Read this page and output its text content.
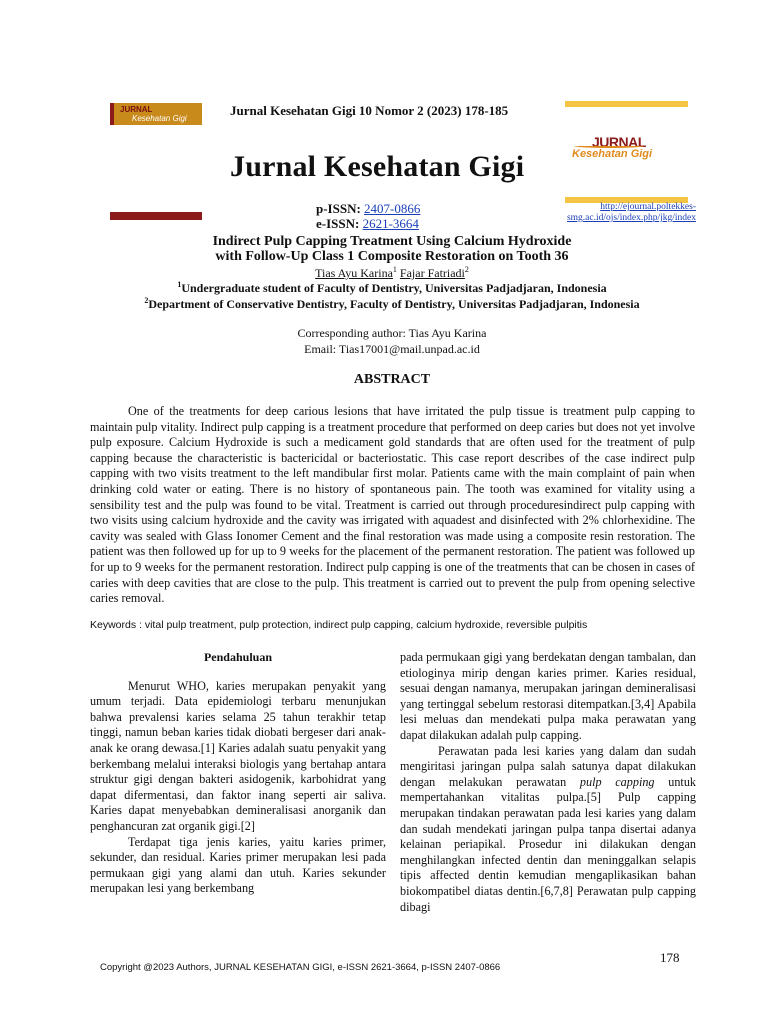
JURNAL
Kesehatan Gigi
JURNAL
Kesehatan Gigi
Jurnal Kesehatan Gigi 10 Nomor 2 (2023) 178-185
Jurnal Kesehatan Gigi
p-ISSN: 2407-0866
e-ISSN: 2621-3664
http://ejournal.poltekkes-smg.ac.id/ojs/index.php/jkg/index
Indirect Pulp Capping Treatment Using Calcium Hydroxide
with Follow-Up Class 1 Composite Restoration on Tooth 36
Tias Ayu Karina$^1$ Fajar Fatriadi$^2$
$^1$Undergraduate student of Faculty of Dentistry, Universitas Padjadjaran, Indonesia
$^2$Department of Conservative Dentistry, Faculty of Dentistry, Universitas Padjadjaran, Indonesia
Corresponding author: Tias Ayu Karina
Email: Tias17001@mail.unpad.ac.id
ABSTRACT
One of the treatments for deep carious lesions that have irritated the pulp tissue is treatment pulp capping to maintain pulp vitality. Indirect pulp capping is a treatment procedure that performed on deep caries but does not yet involve pulp exposure. Calcium Hydroxide is such a medicament gold standards that are often used for the treatment of pulp capping because the characteristic is bactericidal or bacteriostatic. This case report describes of the case indirect pulp capping with two visits treatment to the left mandibular first molar. Patients came with the main complaint of pain when drinking cold water or eating. There is no history of spontaneous pain. The tooth was examined for vitality using a sensibility test and the pulp was found to be vital. Treatment is carried out through proceduresindirect pulp capping with two visits using calcium hydroxide and the cavity was irrigated with aquadest and disinfected with 2% chlorhexidine. The cavity was sealed with Glass Ionomer Cement and the final restoration was made using a composite resin restoration. The patient was then followed up for up to 9 weeks for the placement of the permanent restoration. The patient was followed up for up to 9 weeks for the permanent restoration. Indirect pulp capping is one of the treatments that can be chosen in cases of caries with deep cavities that are close to the pulp. This treatment is carried out to prevent the pulp from opening selective caries removal.
Keywords : vital pulp treatment, pulp protection, indirect pulp capping, calcium hydroxide, reversible pulpitis
Pendahuluan

Menurut WHO, karies merupakan penyakit yang umum terjadi. Data epidemiologi terbaru menunjukan bahwa prevalensi karies selama 25 tahun terakhir tetap tinggi, namun beban karies tidak diobati bergeser dari anak-anak ke orang dewasa.[1] Karies adalah suatu penyakit yang berkembang melalui interaksi biologis yang bertahap antara struktur gigi dengan bakteri asidogenik, karbohidrat yang dapat difermentasi, dan faktor inang seperti air saliva. Karies dapat menyebabkan demineralisasi anorganik dan penghancuran zat organik gigi.[2]

Terdapat tiga jenis karies, yaitu karies primer, sekunder, dan residual. Karies primer merupakan lesi pada permukaan gigi yang alami dan utuh. Karies sekunder merupakan lesi yang berkembang

pada permukaan gigi yang berdekatan dengan tambalan, dan etiologinya mirip dengan karies primer. Karies residual, sesuai dengan namanya, merupakan jaringan demineralisasi yang tertinggal sebelum restorasi ditempatkan.[3,4] Apabila lesi meluas dan mendekati pulpa maka perawatan yang dapat dilakukan adalah pulp capping.

Perawatan pada lesi karies yang dalam dan sudah mengiritasi jaringan pulpa salah satunya dapat dilakukan dengan melakukan perawatan pulp capping untuk mempertahankan vitalitas pulpa.[5] Pulp capping merupakan tindakan perawatan pada lesi karies yang dalam dan sudah mendekati jaringan pulpa tanpa disertai adanya kelainan periapikal. Prosedur ini dilakukan dengan menghilangkan infected dentin dan meninggalkan selapis tipis affected dentin kemudian mengaplikasikan bahan biokompatibel diatas dentin.[6,7,8] Perawatan pulp capping dibagi

178
Copyright @2023 Authors, JURNAL KESEHATAN GIGI, e-ISSN 2621-3664, p-ISSN 2407-0866
